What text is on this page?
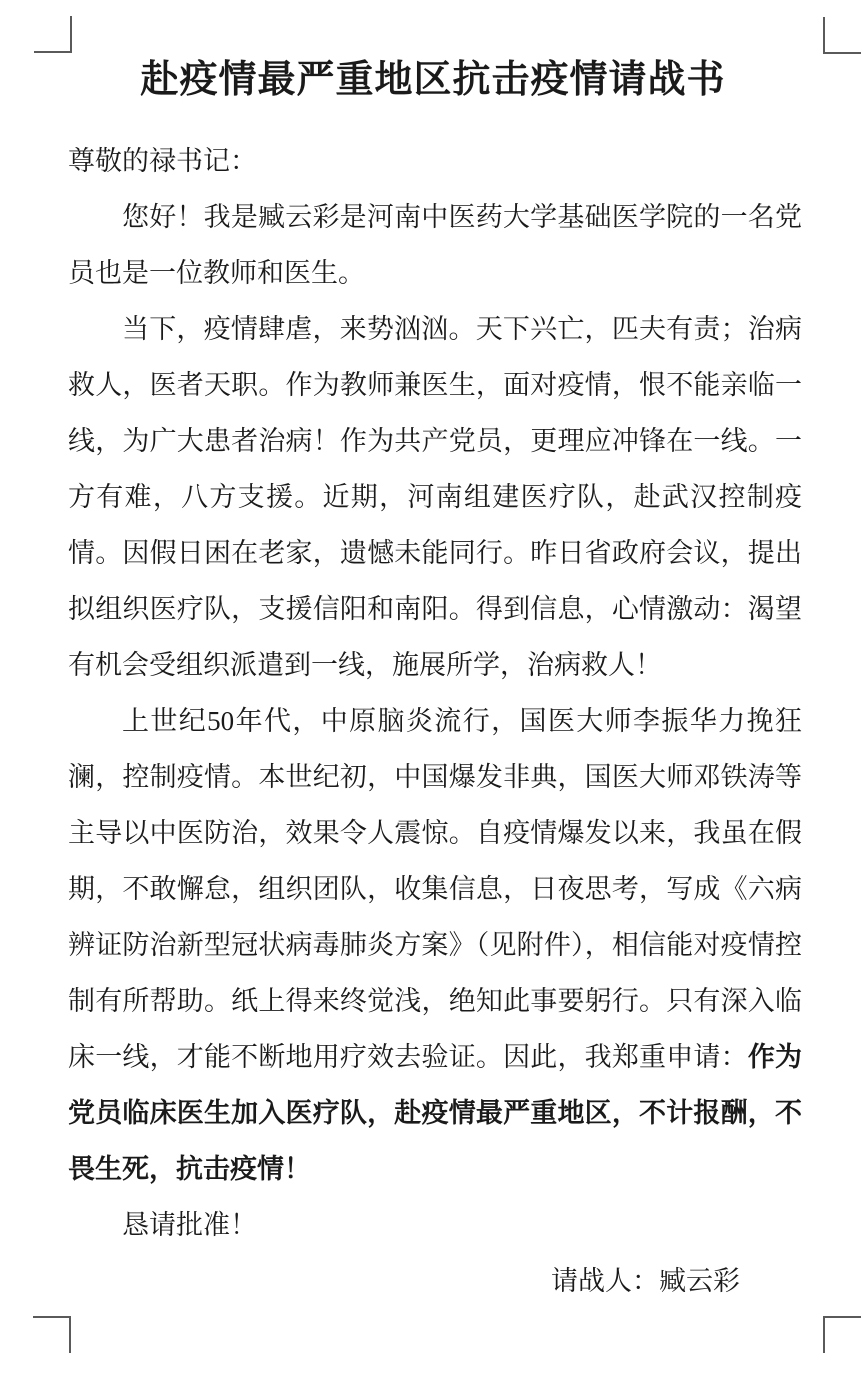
赴疫情最严重地区抗击疫情请战书

尊敬的禄书记：

您好！我是臧云彩是河南中医药大学基础医学院的一名党员也是一位教师和医生。

当下，疫情肆虐，来势汹汹。天下兴亡，匹夫有责；治病救人，医者天职。作为教师兼医生，面对疫情，恨不能亲临一线，为广大患者治病！作为共产党员，更理应冲锋在一线。一方有难，八方支援。近期，河南组建医疗队，赴武汉控制疫情。因假日困在老家，遗憾未能同行。昨日省政府会议，提出拟组织医疗队，支援信阳和南阳。得到信息，心情激动：渴望有机会受组织派遣到一线，施展所学，治病救人！

上世纪50年代，中原脑炎流行，国医大师李振华力挽狂澜，控制疫情。本世纪初，中国爆发非典，国医大师邓铁涛等主导以中医防治，效果令人震惊。自疫情爆发以来，我虽在假期，不敢懈怠，组织团队，收集信息，日夜思考，写成《六病辨证防治新型冠状病毒肺炎方案》（见附件），相信能对疫情控制有所帮助。纸上得来终觉浅，绝知此事要躬行。只有深入临床一线，才能不断地用疗效去验证。因此，我郑重申请：作为党员临床医生加入医疗队，赴疫情最严重地区，不计报酬，不畏生死，抗击疫情！

恳请批准！

请战人：臧云彩
